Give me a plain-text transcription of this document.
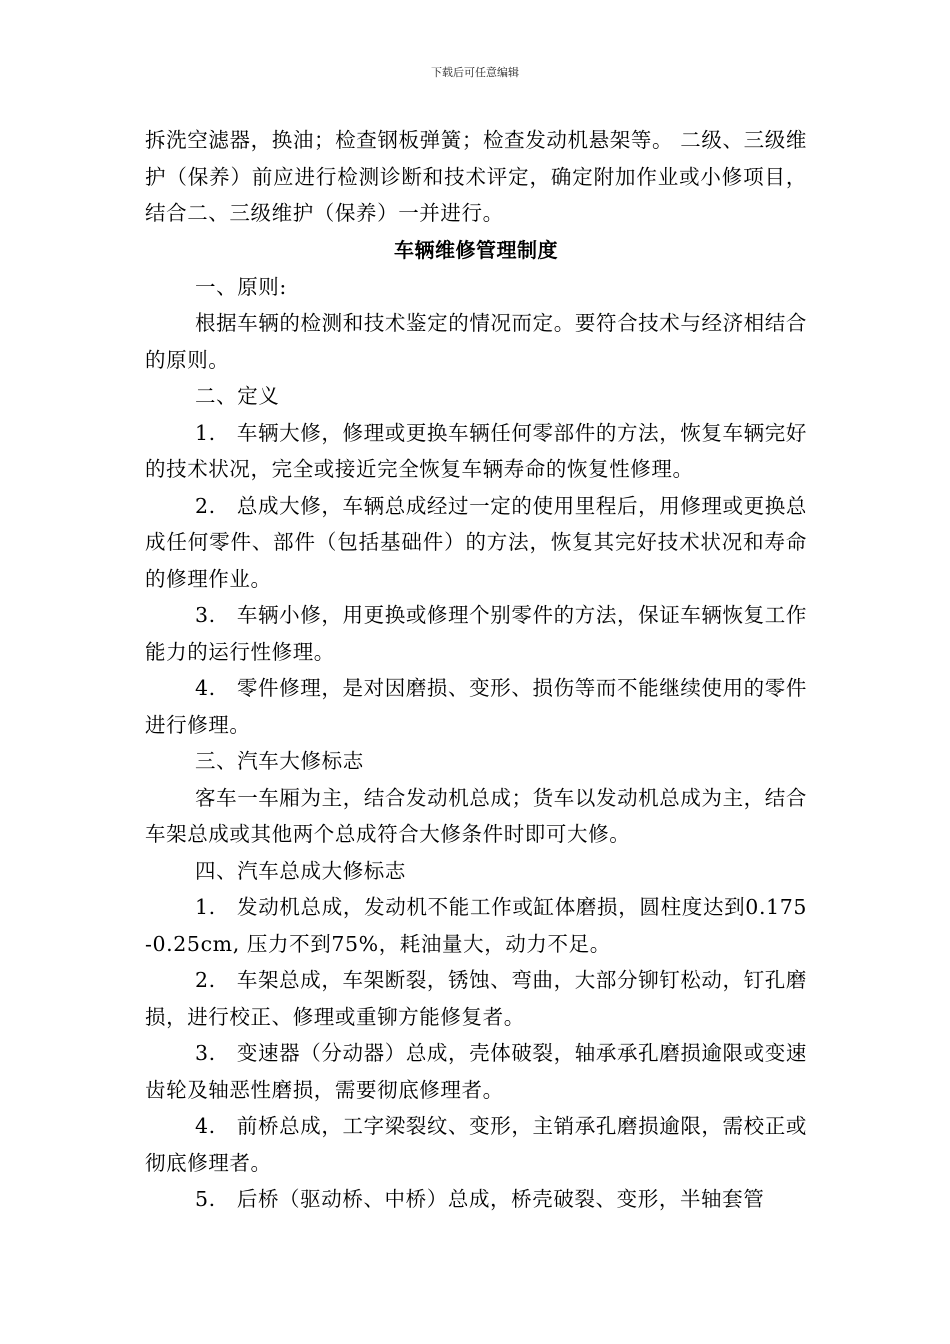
下载后可任意编辑

拆洗空滤器，换油；检查钢板弹簧；检查发动机悬架等。 二级、三级维护（保养）前应进行检测诊断和技术评定，确定附加作业或小修项目，结合二、三级维护（保养）一并进行。

车辆维修管理制度

一、原则:

根据车辆的检测和技术鉴定的情况而定。要符合技术与经济相结合的原则。

二、定义

1.　车辆大修，修理或更换车辆任何零部件的方法，恢复车辆完好的技术状况，完全或接近完全恢复车辆寿命的恢复性修理。

2.　总成大修，车辆总成经过一定的使用里程后，用修理或更换总成任何零件、部件（包括基础件）的方法，恢复其完好技术状况和寿命的修理作业。

3.　车辆小修，用更换或修理个别零件的方法，保证车辆恢复工作能力的运行性修理。

4.　零件修理，是对因磨损、变形、损伤等而不能继续使用的零件进行修理。

三、汽车大修标志

客车一车厢为主，结合发动机总成；货车以发动机总成为主，结合车架总成或其他两个总成符合大修条件时即可大修。

四、汽车总成大修标志

1.　发动机总成，发动机不能工作或缸体磨损，圆柱度达到0.175-0.25cm, 压力不到75%，耗油量大，动力不足。

2.　车架总成，车架断裂，锈蚀、弯曲，大部分铆钉松动，钉孔磨损，进行校正、修理或重铆方能修复者。

3.　变速器（分动器）总成，壳体破裂，轴承承孔磨损逾限或变速齿轮及轴恶性磨损，需要彻底修理者。

4.　前桥总成，工字梁裂纹、变形，主销承孔磨损逾限，需校正或彻底修理者。

5.　后桥（驱动桥、中桥）总成，桥壳破裂、变形，半轴套管
